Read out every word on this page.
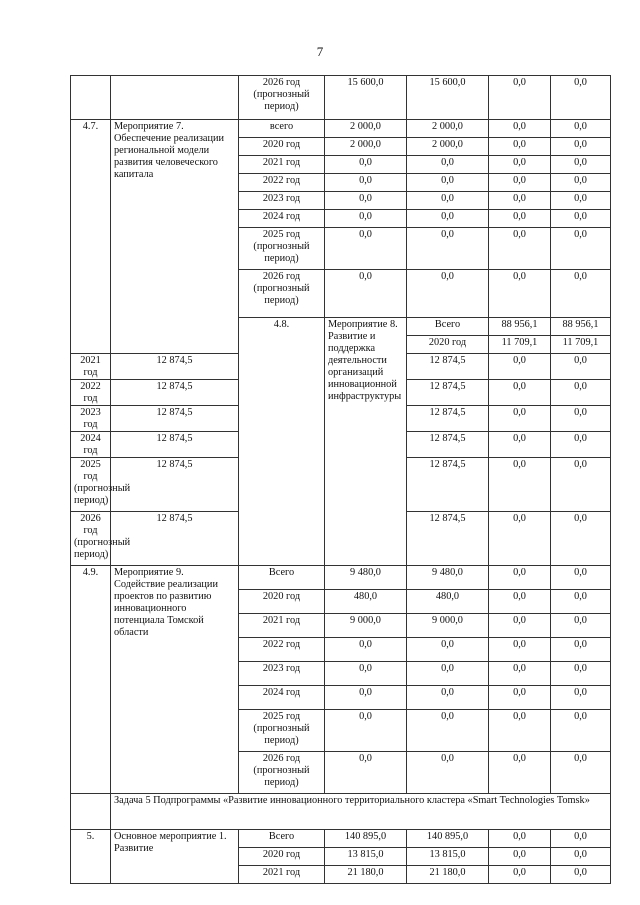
7
		2026 год (прогнозный период)	15 600,0	15 600,0	0,0	0,0	
4.7.	Мероприятие 7. Обеспечение реализации региональной модели развития человеческого капитала	всего	2 000,0	2 000,0	0,0	0,0	
		2020 год	2 000,0	2 000,0	0,0	0,0	
		2021 год	0,0	0,0	0,0	0,0	
		2022 год	0,0	0,0	0,0	0,0	
		2023 год	0,0	0,0	0,0	0,0	
		2024 год	0,0	0,0	0,0	0,0	
		2025 год (прогнозный период)	0,0	0,0	0,0	0,0	
		2026 год (прогнозный период)	0,0	0,0	0,0	0,0	
		4.8.	Мероприятие 8. Развитие и поддержка деятельности организаций инновационной инфраструктуры	Всего	88 956,1	88 956,1		
				2020 год	11 709,1	11 709,1		
2021 год	12 874,5			12 874,5	0,0	0,0	
2022 год	12 874,5			12 874,5	0,0	0,0	
2023 год	12 874,5			12 874,5	0,0	0,0	
2024 год	12 874,5			12 874,5	0,0	0,0	
2025 год (прогнозный период)	12 874,5			12 874,5	0,0	0,0	
2026 год (прогнозный период)	12 874,5			12 874,5	0,0	0,0	
4.9.	Мероприятие 9. Содействие реализации проектов по развитию инновационного потенциала Томской области	Всего	9 480,0	9 480,0	0,0	0,0	
		2020 год	480,0	480,0	0,0	0,0	
		2021 год	9 000,0	9 000,0	0,0	0,0	
		2022 год	0,0	0,0	0,0	0,0	
		2023 год	0,0	0,0	0,0	0,0	
		2024 год	0,0	0,0	0,0	0,0	
		2025 год (прогнозный период)	0,0	0,0	0,0	0,0	
		2026 год (прогнозный период)	0,0	0,0	0,0	0,0	
	Задача 5 Подпрограммы «Развитие инновационного территориального кластера «Smart Technologies Tomsk»						
5.	Основное мероприятие 1. Развитие	Всего	140 895,0	140 895,0	0,0	0,0	
		2020 год	13 815,0	13 815,0	0,0	0,0	
		2021 год	21 180,0	21 180,0	0,0	0,0	
